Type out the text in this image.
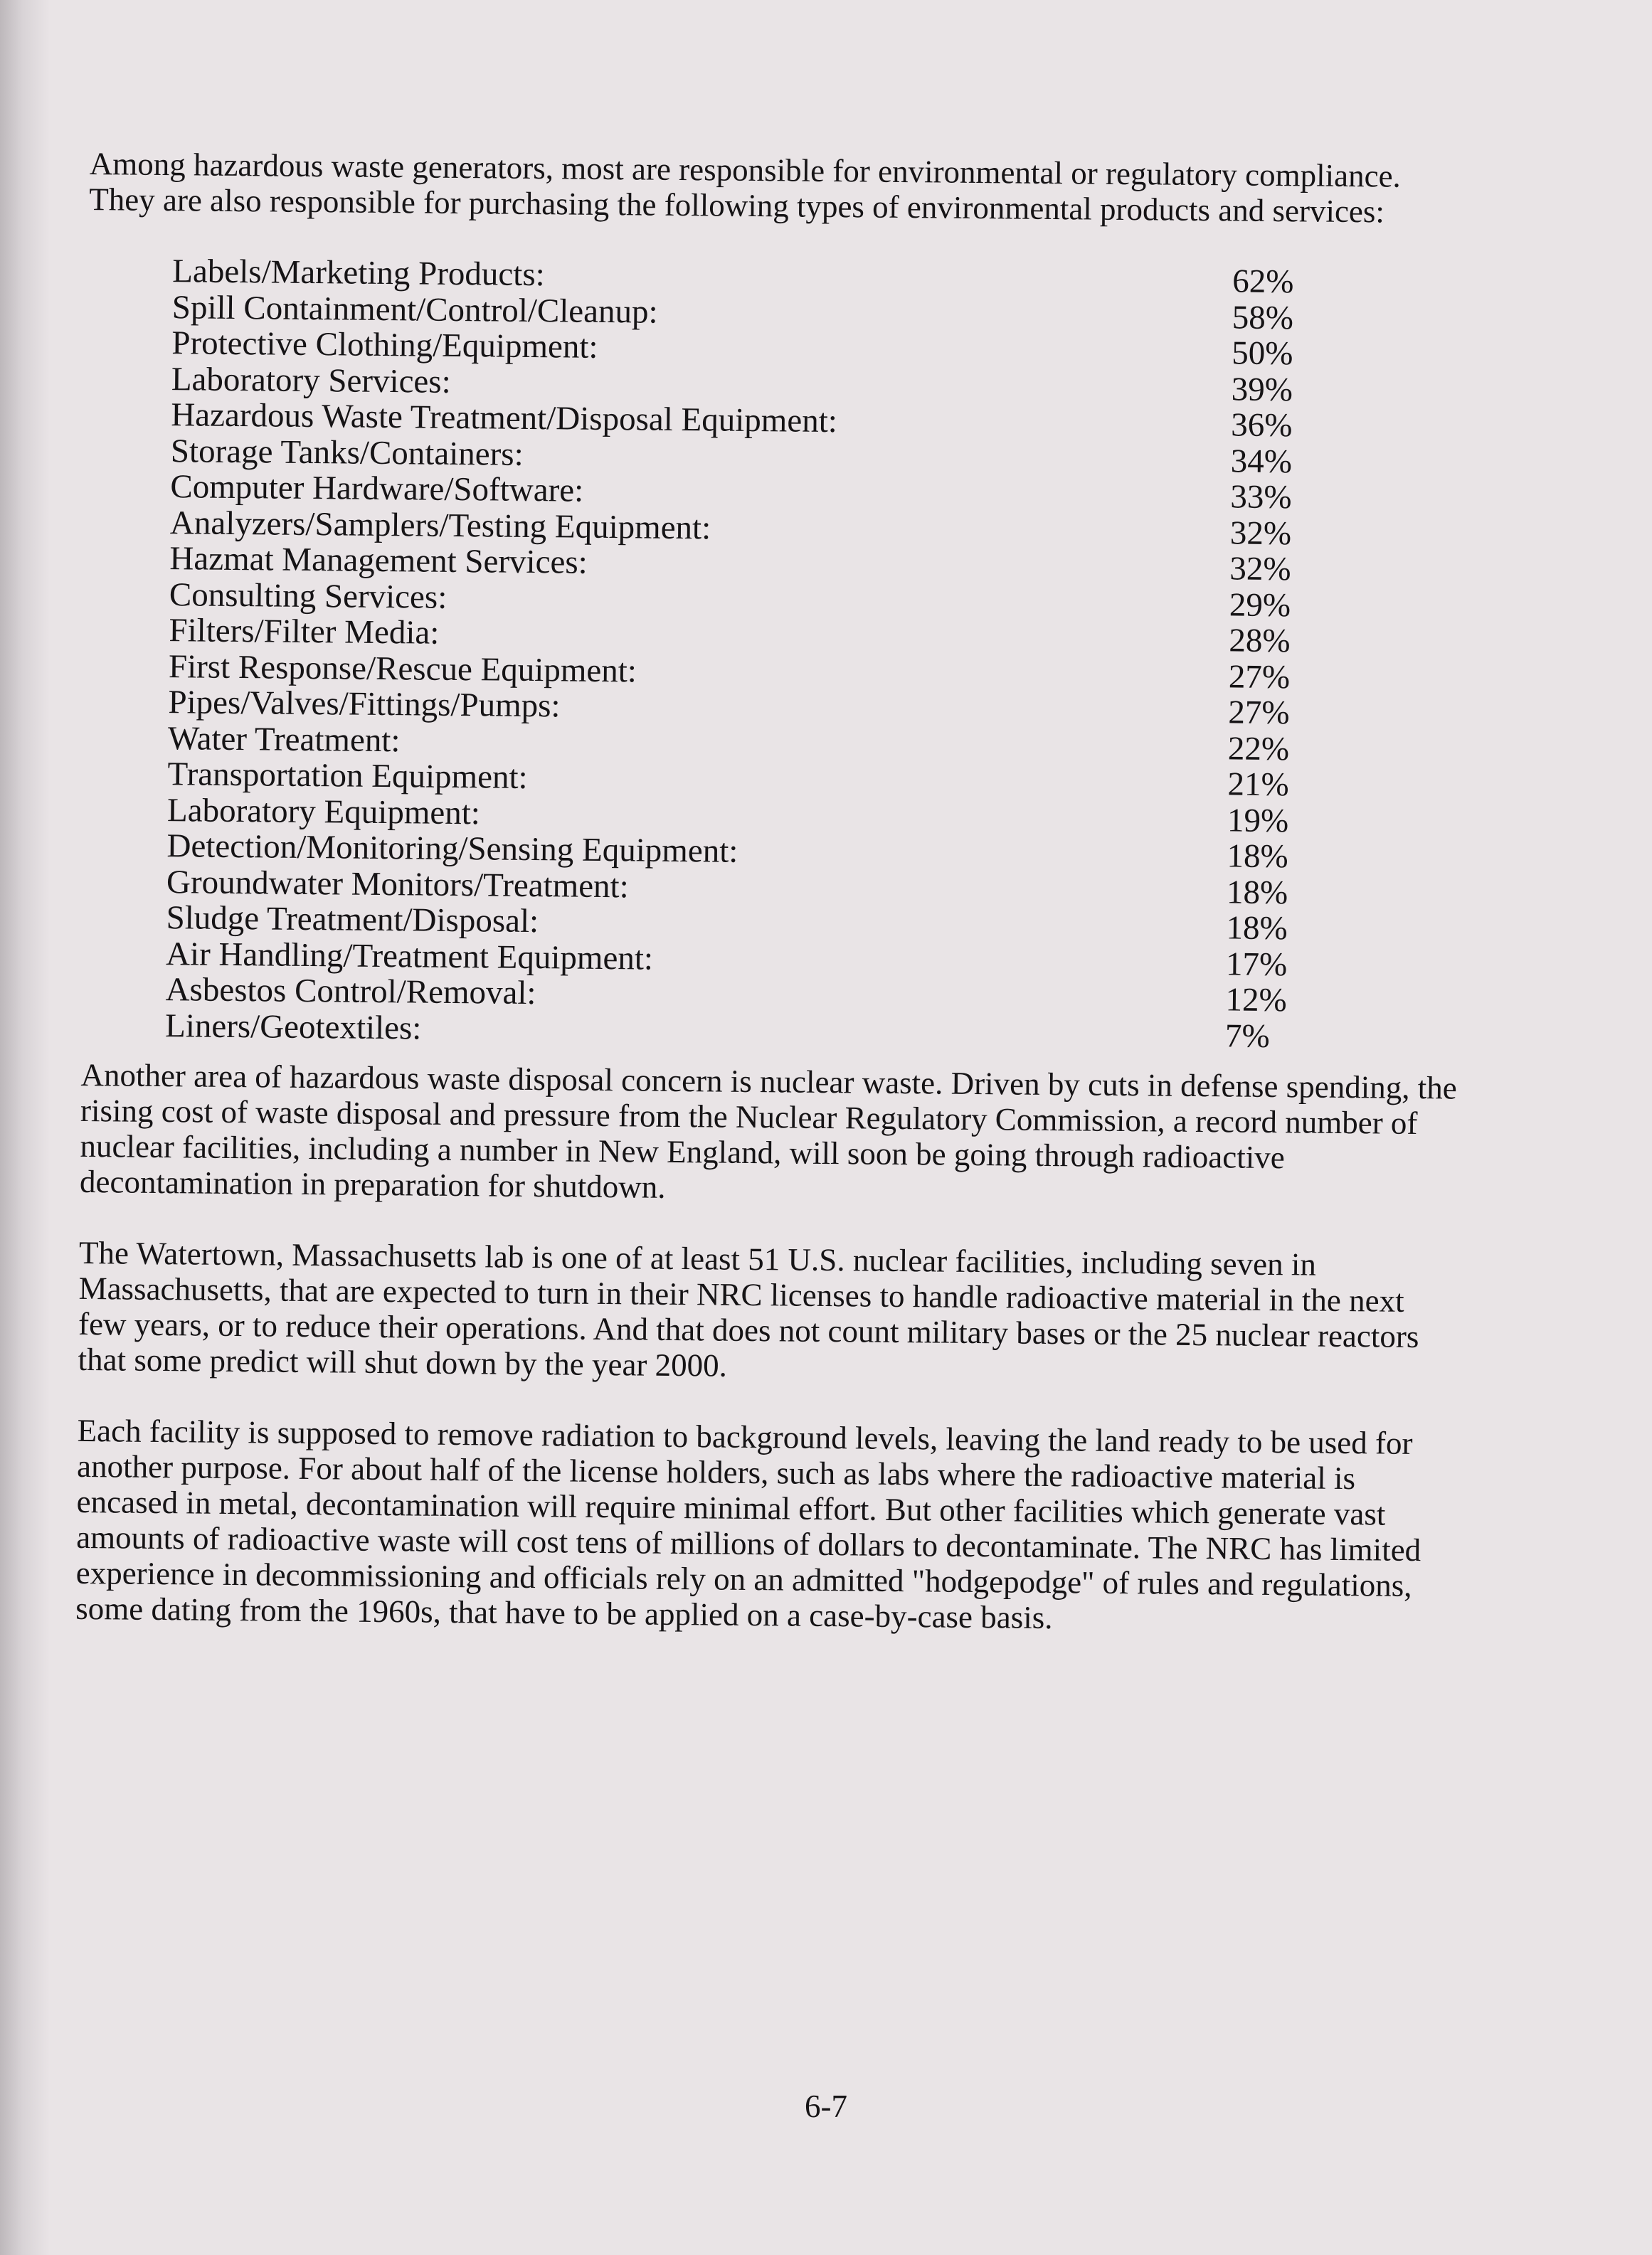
Among hazardous waste generators, most are responsible for environmental or regulatory compliance. They are also responsible for purchasing the following types of environmental products and services:

Labels/Marketing Products:	62%
Spill Containment/Control/Cleanup:	58%
Protective Clothing/Equipment:	50%
Laboratory Services:	39%
Hazardous Waste Treatment/Disposal Equipment:	36%
Storage Tanks/Containers:	34%
Computer Hardware/Software:	33%
Analyzers/Samplers/Testing Equipment:	32%
Hazmat Management Services:	32%
Consulting Services:	29%
Filters/Filter Media:	28%
First Response/Rescue Equipment:	27%
Pipes/Valves/Fittings/Pumps:	27%
Water Treatment:	22%
Transportation Equipment:	21%
Laboratory Equipment:	19%
Detection/Monitoring/Sensing Equipment:	18%
Groundwater Monitors/Treatment:	18%
Sludge Treatment/Disposal:	18%
Air Handling/Treatment Equipment:	17%
Asbestos Control/Removal:	12%
Liners/Geotextiles:	7%

Another area of hazardous waste disposal concern is nuclear waste. Driven by cuts in defense spending, the rising cost of waste disposal and pressure from the Nuclear Regulatory Commission, a record number of nuclear facilities, including a number in New England, will soon be going through radioactive decontamination in preparation for shutdown.

The Watertown, Massachusetts lab is one of at least 51 U.S. nuclear facilities, including seven in Massachusetts, that are expected to turn in their NRC licenses to handle radioactive material in the next few years, or to reduce their operations. And that does not count military bases or the 25 nuclear reactors that some predict will shut down by the year 2000.

Each facility is supposed to remove radiation to background levels, leaving the land ready to be used for another purpose. For about half of the license holders, such as labs where the radioactive material is encased in metal, decontamination will require minimal effort. But other facilities which generate vast amounts of radioactive waste will cost tens of millions of dollars to decontaminate. The NRC has limited experience in decommissioning and officials rely on an admitted "hodgepodge" of rules and regulations, some dating from the 1960s, that have to be applied on a case-by-case basis.

6-7
